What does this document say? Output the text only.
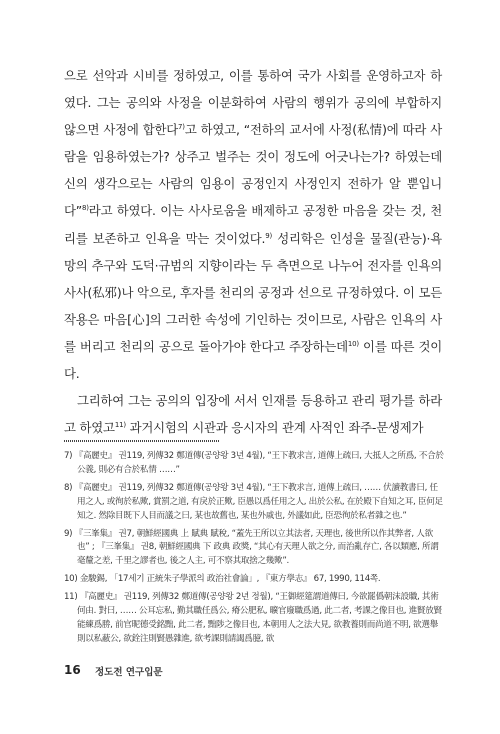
으로 선악과 시비를 정하였고, 이를 통하여 국가 사회를 운영하고자 하였다. 그는 공의와 사정을 이분화하여 사람의 행위가 공의에 부합하지 않으면 사정에 합한다$^{7)}$고 하였고, “전하의 교서에 사정(私情)에 따라 사람을 임용하였는가? 상주고 벌주는 것이 정도에 어긋나는가? 하였는데 신의 생각으로는 사람의 임용이 공정인지 사정인지 전하가 알 뿐입니다”$^{8)}$라고 하였다. 이는 사사로움을 배제하고 공정한 마음을 갖는 것, 천리를 보존하고 인욕을 막는 것이었다.$^{9)}$ 성리학은 인성을 물질(관능)·욕망의 추구와 도덕·규범의 지향이라는 두 측면으로 나누어 전자를 인욕의 사사(私邪)나 악으로, 후자를 천리의 공정과 선으로 규정하였다. 이 모든 작용은 마음[心]의 그러한 속성에 기인하는 것이므로, 사람은 인욕의 사를 버리고 천리의 공으로 돌아가야 한다고 주장하는데$^{10)}$ 이를 따른 것이다.

그리하여 그는 공의의 입장에 서서 인재를 등용하고 관리 평가를 하라고 하였고$^{11)}$ 과거시험의 시관과 응시자의 관계 사적인 좌주-문생제가

7) 『高麗史』 권119, 列傳32 鄭道傳(공양왕 3년 4월), “王下教求言, 道傳上疏曰, 大抵人之所爲, 不合於公義, 則必有合於私情 ……”

8) 『高麗史』 권119, 列傳32 鄭道傳(공양왕 3년 4월), “王下教求言, 道傳上疏曰, …… 伏讀教書曰, 任用之人, 或徇於私歟, 賞罰之道, 有戾於正歟, 臣愚以爲任用之人, 出於公私, 在於殿下自知之耳, 臣何足知之. 然除目既下人目而議之曰, 某也故舊也, 某也外戚也, 外議如此, 臣恐徇於私者雜之也.”

9) 『三峯集』 권7, 朝鮮經國典 上 賦典 賦稅, “蓋先王所以立其法者, 天理也, 後世所以作其弊者, 人欲也” ; 『三峯集』 권8, 朝鮮經國典 下 政典 政獎, “其心有天理人欲之分, 而治亂存亡, 各以類應, 所謂毫釐之差, 千里之謬者也, 後之人主, 可不察其取捨之幾歟”.

10) 金駿錫, 「17세기 正統朱子學派의 政治社會論」, 『東方學志』 67, 1990, 114쪽.

11) 『高麗史』 권119, 列傳32 鄭道傳(공양왕 2년 정월), “王御經筵謂道傳曰, 今欲罷僞朝沫設職, 其術何由. 對曰, …… 公耳忘私, 勤其職任爲公, 瘠公肥私, 曠官廢職爲過, 此二者, 考課之像目也, 進賢放賢能練爲勝, 前官昵德受銘黜, 此二者, 黜陟之像目也, 本朝用人之法大見, 欲教養則而尚道不明, 欲選舉則以私蔽公, 欲銓注則賢愚雜進, 欲考課則請謁爲臆, 欲

16 정도전 연구입문
